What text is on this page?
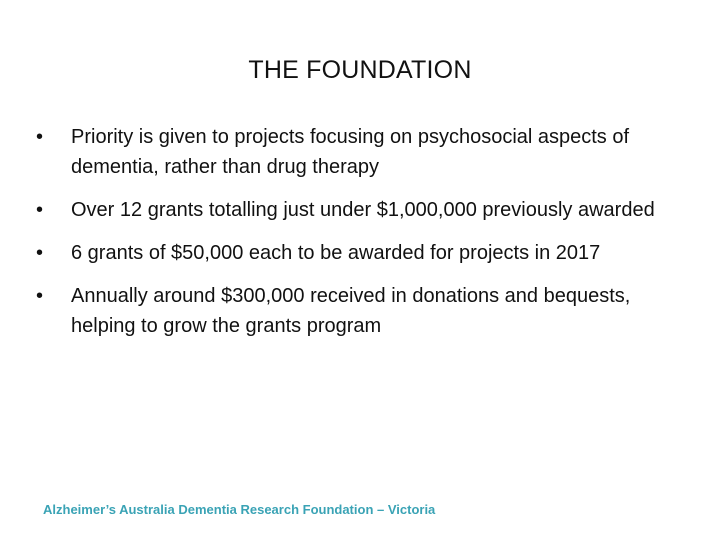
THE FOUNDATION
•	Priority is given to projects focusing on psychosocial aspects of dementia, rather than drug therapy
•	Over 12 grants totalling just under $1,000,000 previously awarded
•	6 grants of $50,000 each to be awarded for projects in 2017
•	Annually around $300,000 received in donations and bequests, helping to grow the grants program
Alzheimer’s Australia Dementia Research Foundation – Victoria
